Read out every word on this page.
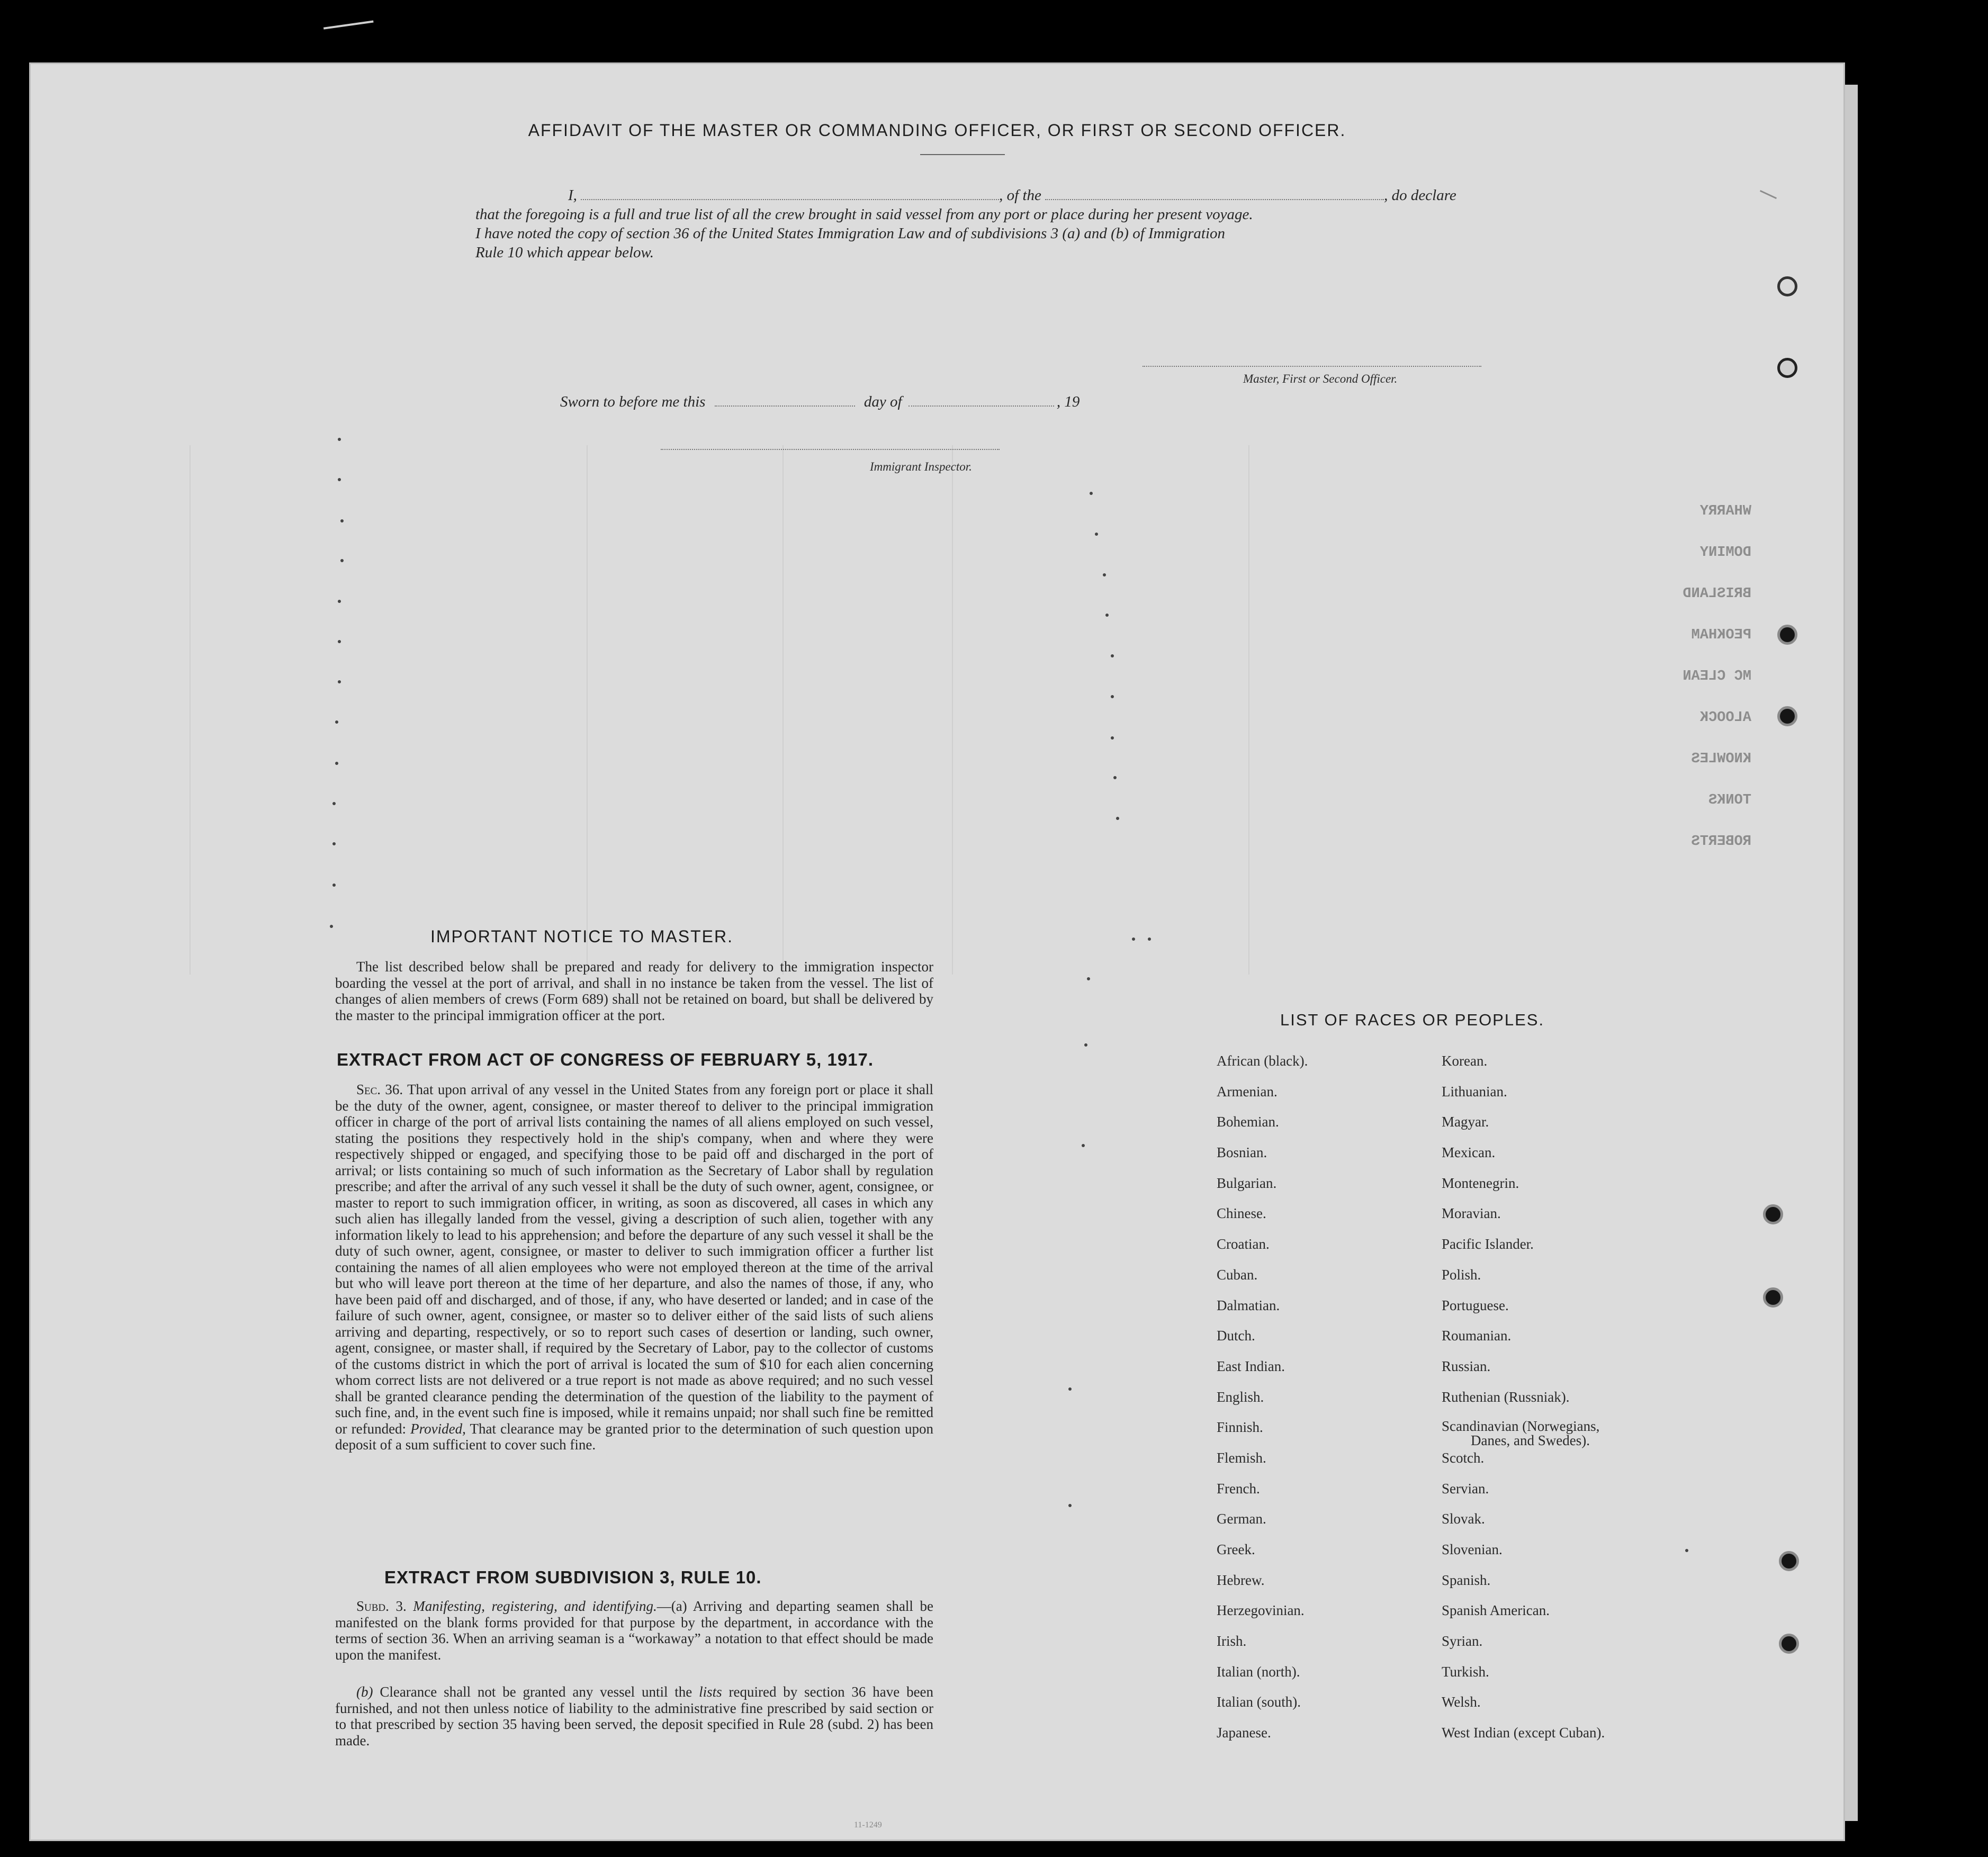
AFFIDAVIT OF THE MASTER OR COMMANDING OFFICER, OR FIRST OR SECOND OFFICER.
I,	, of the	, do declare
that the foregoing is a full and true list of all the crew brought in said vessel from any port or place during her present voyage.
I have noted the copy of section 36 of the United States Immigration Law and of subdivisions 3 (a) and (b) of Immigration
Rule 10 which appear below.
Master, First or Second Officer.
Sworn to before me this	day of	, 19
Immigrant Inspector.
WHARRY
DOMINY
BRISLAND
PEOKHAM
MC CLEAN
ALOOCK
KNOWLES
TONKS
ROBERTS
IMPORTANT NOTICE TO MASTER.
The list described below shall be prepared and ready for delivery to the immigration inspector boarding the vessel at the port of arrival, and shall in no instance be taken from the vessel. The list of changes of alien members of crews (Form 689) shall not be retained on board, but shall be delivered by the master to the principal immigration officer at the port.
EXTRACT FROM ACT OF CONGRESS OF FEBRUARY 5, 1917.
Sec. 36. That upon arrival of any vessel in the United States from any foreign port or place it shall be the duty of the owner, agent, consignee, or master thereof to deliver to the principal immigration officer in charge of the port of arrival lists containing the names of all aliens employed on such vessel, stating the positions they respectively hold in the ship's company, when and where they were respectively shipped or engaged, and specifying those to be paid off and discharged in the port of arrival; or lists containing so much of such information as the Secretary of Labor shall by regulation prescribe; and after the arrival of any such vessel it shall be the duty of such owner, agent, consignee, or master to report to such immigration officer, in writing, as soon as discovered, all cases in which any such alien has illegally landed from the vessel, giving a description of such alien, together with any information likely to lead to his apprehension; and before the departure of any such vessel it shall be the duty of such owner, agent, consignee, or master to deliver to such immigration officer a further list containing the names of all alien employees who were not employed thereon at the time of the arrival but who will leave port thereon at the time of her departure, and also the names of those, if any, who have been paid off and discharged, and of those, if any, who have deserted or landed; and in case of the failure of such owner, agent, consignee, or master so to deliver either of the said lists of such aliens arriving and departing, respectively, or so to report such cases of desertion or landing, such owner, agent, consignee, or master shall, if required by the Secretary of Labor, pay to the collector of customs of the customs district in which the port of arrival is located the sum of $10 for each alien concerning whom correct lists are not delivered or a true report is not made as above required; and no such vessel shall be granted clearance pending the determination of the question of the liability to the payment of such fine, and, in the event such fine is imposed, while it remains unpaid; nor shall such fine be remitted or refunded: Provided, That clearance may be granted prior to the determination of such question upon deposit of a sum sufficient to cover such fine.
EXTRACT FROM SUBDIVISION 3, RULE 10.
Subd. 3. Manifesting, registering, and identifying.—(a) Arriving and departing seamen shall be manifested on the blank forms provided for that purpose by the department, in accordance with the terms of section 36. When an arriving seaman is a “workaway” a notation to that effect should be made upon the manifest.
(b) Clearance shall not be granted any vessel until the lists required by section 36 have been furnished, and not then unless notice of liability to the administrative fine prescribed by said section or to that prescribed by section 35 having been served, the deposit specified in Rule 28 (subd. 2) has been made.
11-1249
LIST OF RACES OR PEOPLES.
African (black).
Armenian.
Bohemian.
Bosnian.
Bulgarian.
Chinese.
Croatian.
Cuban.
Dalmatian.
Dutch.
East Indian.
English.
Finnish.
Flemish.
French.
German.
Greek.
Hebrew.
Herzegovinian.
Irish.
Italian (north).
Italian (south).
Japanese.
Korean.
Lithuanian.
Magyar.
Mexican.
Montenegrin.
Moravian.
Pacific Islander.
Polish.
Portuguese.
Roumanian.
Russian.
Ruthenian (Russniak).
Scandinavian (Norwegians,
Danes, and Swedes).
Scotch.
Servian.
Slovak.
Slovenian.
Spanish.
Spanish American.
Syrian.
Turkish.
Welsh.
West Indian (except Cuban).
